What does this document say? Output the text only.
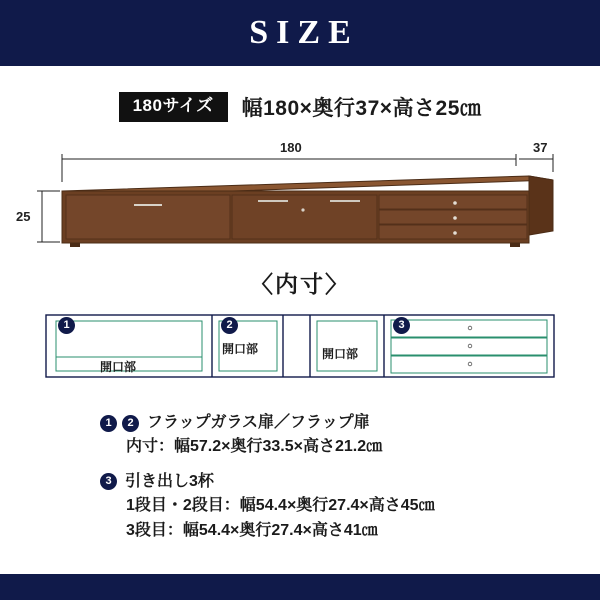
SIZE
180サイズ	幅180×奥行37×高さ25㎝
180	37
25
〈内寸〉
1	2	3
開口部
開口部	開口部
1	2 フラップガラス扉／フラップ扉
内寸：幅57.2×奥行33.5×高さ21.2㎝
3 引き出し3杯
1段目・2段目：幅54.4×奥行27.4×高さ45㎝
3段目：幅54.4×奥行27.4×高さ41㎝
